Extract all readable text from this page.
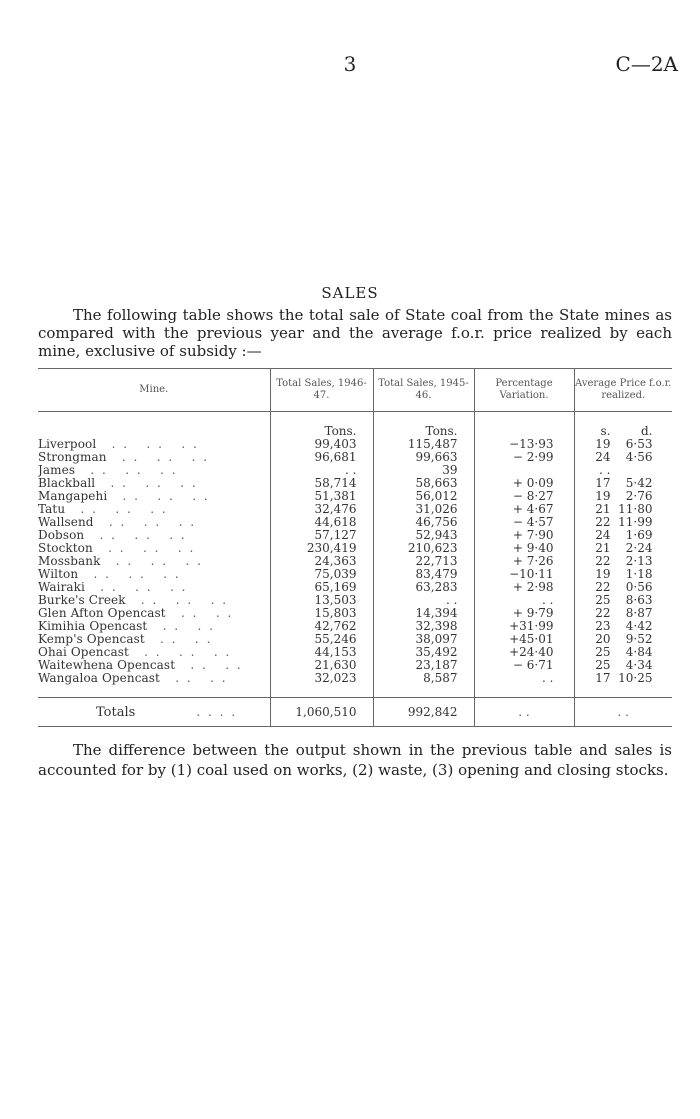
3	C—2A
SALES
The following table shows the total sale of State coal from the State mines as compared with the previous year and the average f.o.r. price realized by each mine, exclusive of subsidy :—
Mine.	Total Sales, 1946-47.	Total Sales, 1945-46.	Percentage Variation.	Average Price f.o.r. realized.

	Tons.	Tons.		s. d.
Liverpool . .   . .   . .	99,403	115,487	−13·93	19 6·53
Strongman . .   . .   . .	96,681	99,663	− 2·99	24 4·56
James . .   . .   . .	. .	39		. .
Blackball . .   . .   . .	58,714	58,663	+ 0·09	17 5·42
Mangapehi . .   . .   . .	51,381	56,012	− 8·27	19 2·76
Tatu . .   . .   . .	32,476	31,026	+ 4·67	21 11·80
Wallsend . .   . .   . .	44,618	46,756	− 4·57	22 11·99
Dobson . .   . .   . .	57,127	52,943	+ 7·90	24 1·69
Stockton . .   . .   . .	230,419	210,623	+ 9·40	21 2·24
Mossbank . .   . .   . .	24,363	22,713	+ 7·26	22 2·13
Wilton . .   . .   . .	75,039	83,479	−10·11	19 1·18
Wairaki . .   . .   . .	65,169	63,283	+ 2·98	22 0·56
Burke's Creek . .   . .   . .	13,503	. .	. .	25 8·63
Glen Afton Opencast . .   . .	15,803	14,394	+ 9·79	22 8·87
Kimihia Opencast . .   . .	42,762	32,398	+31·99	23 4·42
Kemp's Opencast . .   . .	55,246	38,097	+45·01	20 9·52
Ohai Opencast . .   . .   . .	44,153	35,492	+24·40	25 4·84
Waitewhena Opencast . .   . .	21,630	23,187	− 6·71	25 4·34
Wangaloa Opencast . .   . .	32,023	8,587	. .	17 10·25

Totals . . . .	1,060,510	992,842	. .	. .
The difference between the output shown in the previous table and sales is accounted for by (1) coal used on works, (2) waste, (3) opening and closing stocks.
